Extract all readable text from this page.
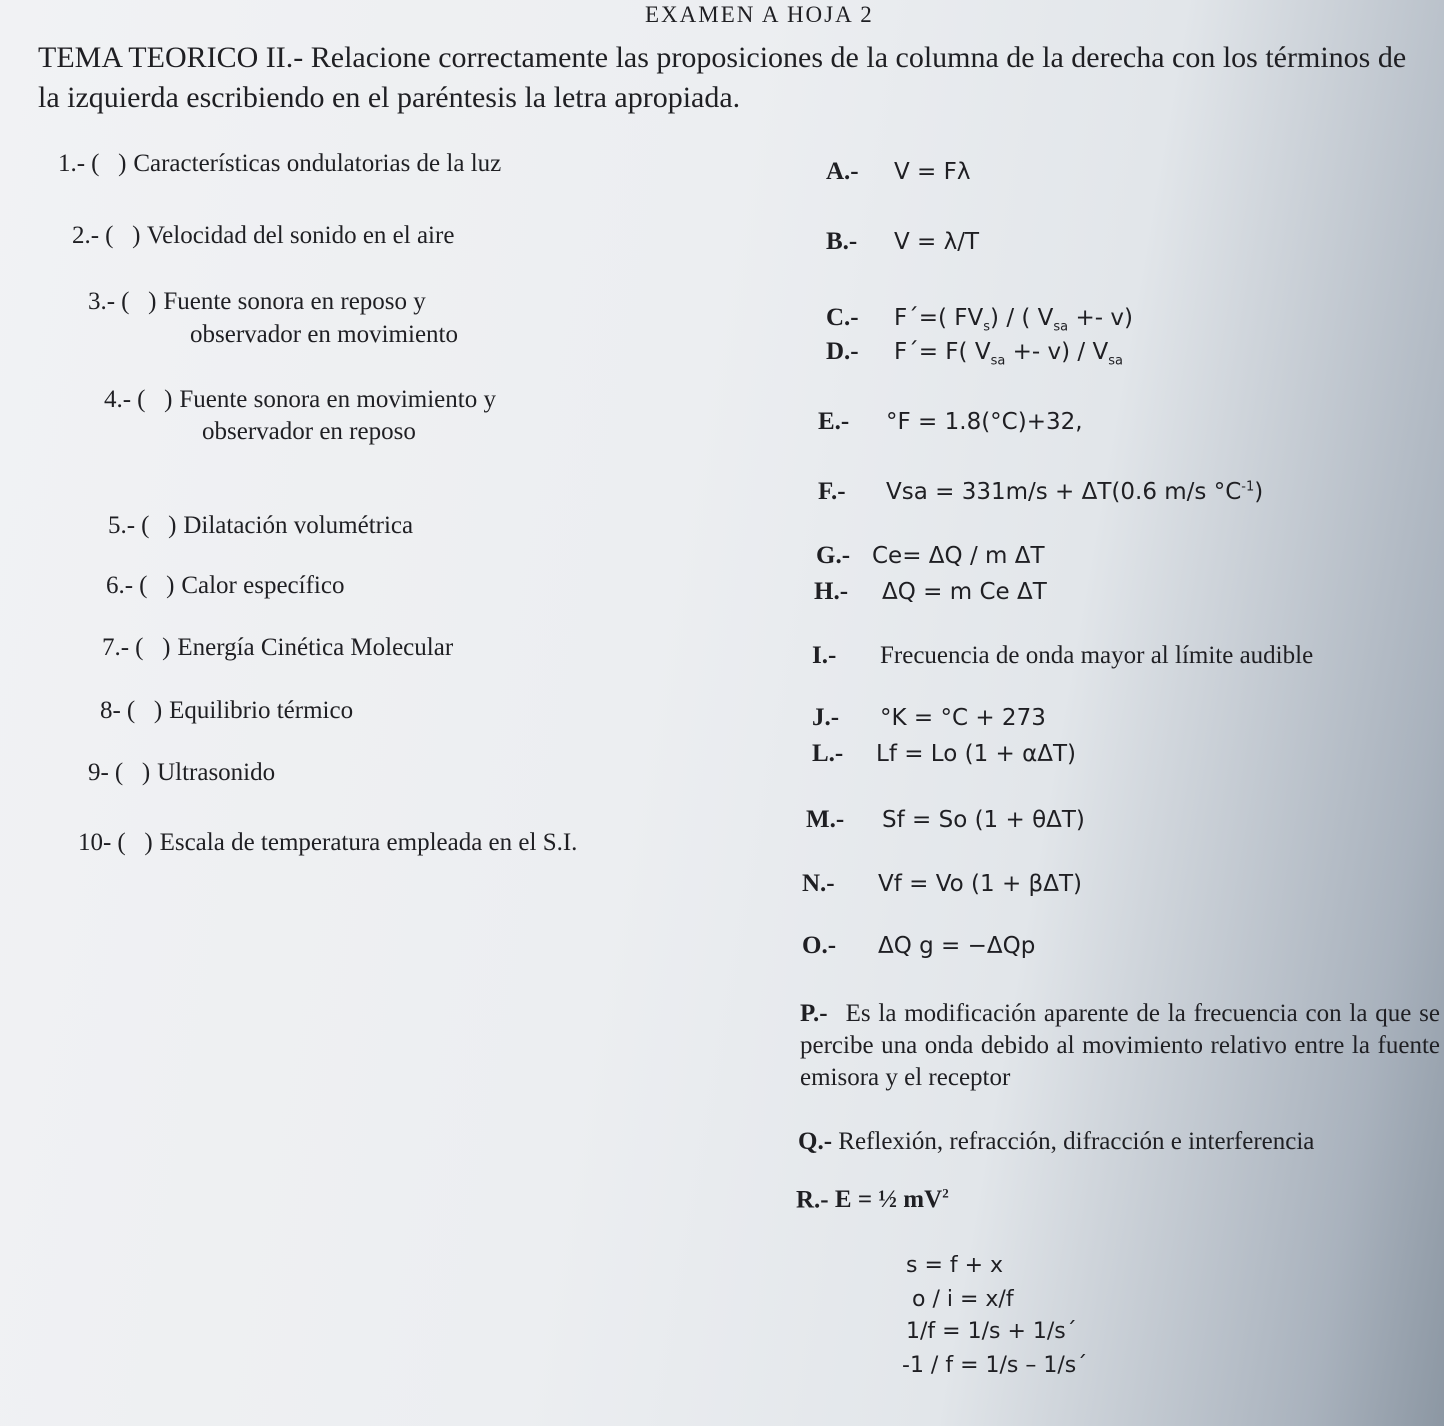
EXAMEN A HOJA 2
TEMA TEORICO II.- Relacione correctamente las proposiciones de la columna de la derecha con los términos de la izquierda escribiendo en el paréntesis la letra apropiada.
1.- (   ) Características ondulatorias de la luz
2.- (   ) Velocidad del sonido en el aire
3.- (   ) Fuente sonora en reposo y
observador en movimiento
4.- (   ) Fuente sonora en movimiento y
observador en reposo
5.- (   ) Dilatación volumétrica
6.- (   ) Calor específico
7.- (   ) Energía Cinética Molecular
8- (   ) Equilibrio térmico
9- (   ) Ultrasonido
10- (   ) Escala de temperatura empleada en el S.I.
A.- V = Fλ
B.- V = λ/T
C.- F´=( $FV_s$) / ( $V_{sa} +- v$)
D.- F´= F( $V_{sa} +- v) / V_{sa}$
E.- °F = 1.8(°C)+32,
F.- Vsa = 331m/s + ΔT(0.6 m/s $^\circ C^{-1}$)
G.- Ce= ΔQ / m ΔT
H.- ΔQ = m Ce ΔT
I.- Frecuencia de onda mayor al límite audible
J.- °K = °C + 273
L.- Lf = Lo (1 + αΔT)
M.- Sf = So (1 + θΔT)
N.- Vf = Vo (1 + βΔT)
O.- ΔQ g = −ΔQp
P.- Es la modificación aparente de la frecuencia con la que se percibe una onda debido al movimiento relativo entre la fuente emisora y el receptor
Q.- Reflexión, refracción, difracción e interferencia
R.- E = ½ $mV^2$
s = f + x
o / i = x/f
1/f = 1/s + 1/s´
-1 / f = 1/s – 1/s´
